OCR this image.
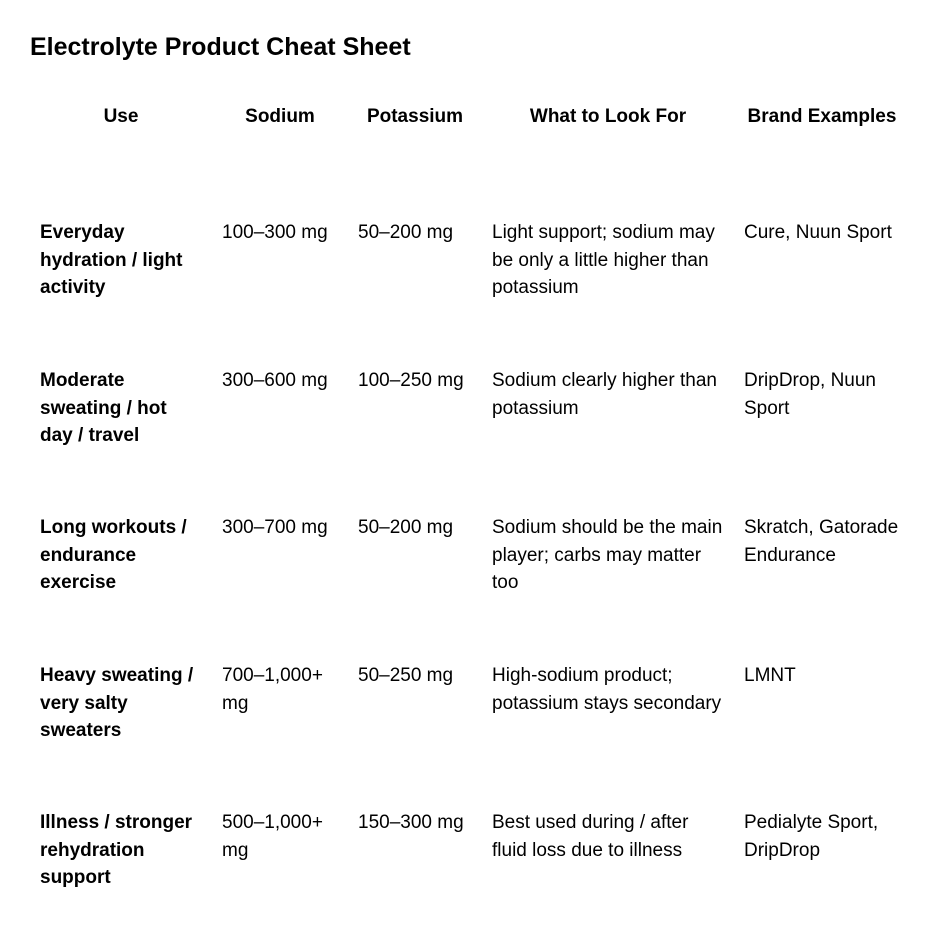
Electrolyte Product Cheat Sheet
Use	Sodium	Potassium	What to Look For	Brand Examples
Everyday hydration / light activity	100–300 mg	50–200 mg	Light support; sodium may be only a little higher than potassium	Cure, Nuun Sport
Moderate sweating / hot day / travel	300–600 mg	100–250 mg	Sodium clearly higher than potassium	DripDrop, Nuun Sport
Long workouts / endurance exercise	300–700 mg	50–200 mg	Sodium should be the main player; carbs may matter too	Skratch, Gatorade Endurance
Heavy sweating / very salty sweaters	700–1,000+ mg	50–250 mg	High-sodium product; potassium stays secondary	LMNT
Illness / stronger rehydration support	500–1,000+ mg	150–300 mg	Best used during / after fluid loss due to illness	Pedialyte Sport, DripDrop
